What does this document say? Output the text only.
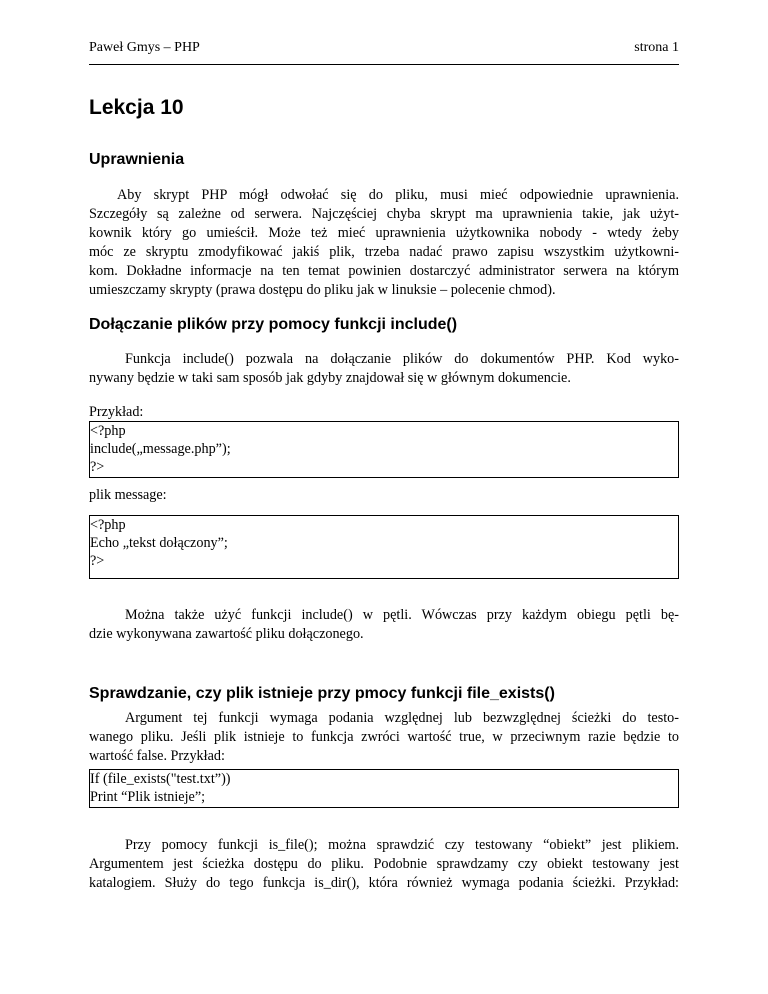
Paweł Gmys – PHP	strona 1
Lekcja 10
Uprawnienia
Aby skrypt PHP mógł odwołać się do pliku, musi mieć odpowiednie uprawnienia.
Szczegóły są zależne od serwera. Najczęściej chyba skrypt ma uprawnienia takie, jak użyt-
kownik który go umieścił. Może też mieć uprawnienia użytkownika nobody - wtedy żeby
móc ze skryptu zmodyfikować jakiś plik, trzeba nadać prawo zapisu wszystkim użytkowni-
kom. Dokładne informacje na ten temat powinien dostarczyć administrator serwera na którym
umieszczamy skrypty (prawa dostępu do pliku jak w linuksie – polecenie chmod).
Dołączanie plików przy pomocy funkcji include()
Funkcja include() pozwala na dołączanie plików do dokumentów PHP. Kod wyko-
nywany będzie w taki sam sposób jak gdyby znajdował się w głównym dokumencie.
Przykład:
<?php
include(„message.php”);
?>
plik message:
<?php
Echo „tekst dołączony”;
?>
Można także użyć funkcji include() w pętli. Wówczas przy każdym obiegu pętli bę-
dzie wykonywana zawartość pliku dołączonego.
Sprawdzanie, czy plik istnieje przy pmocy funkcji file_exists()
Argument tej funkcji wymaga podania względnej lub bezwzględnej ścieżki do testo-
wanego pliku. Jeśli plik istnieje to funkcja zwróci wartość true, w przeciwnym razie będzie to
wartość false. Przykład:
If (file_exists("test.txt”))
Print “Plik istnieje”;
Przy pomocy funkcji is_file(); można sprawdzić czy testowany “obiekt” jest plikiem.
Argumentem jest ścieżka dostępu do pliku. Podobnie sprawdzamy czy obiekt testowany jest
katalogiem. Służy do tego funkcja is_dir(), która również wymaga podania ścieżki. Przykład:
